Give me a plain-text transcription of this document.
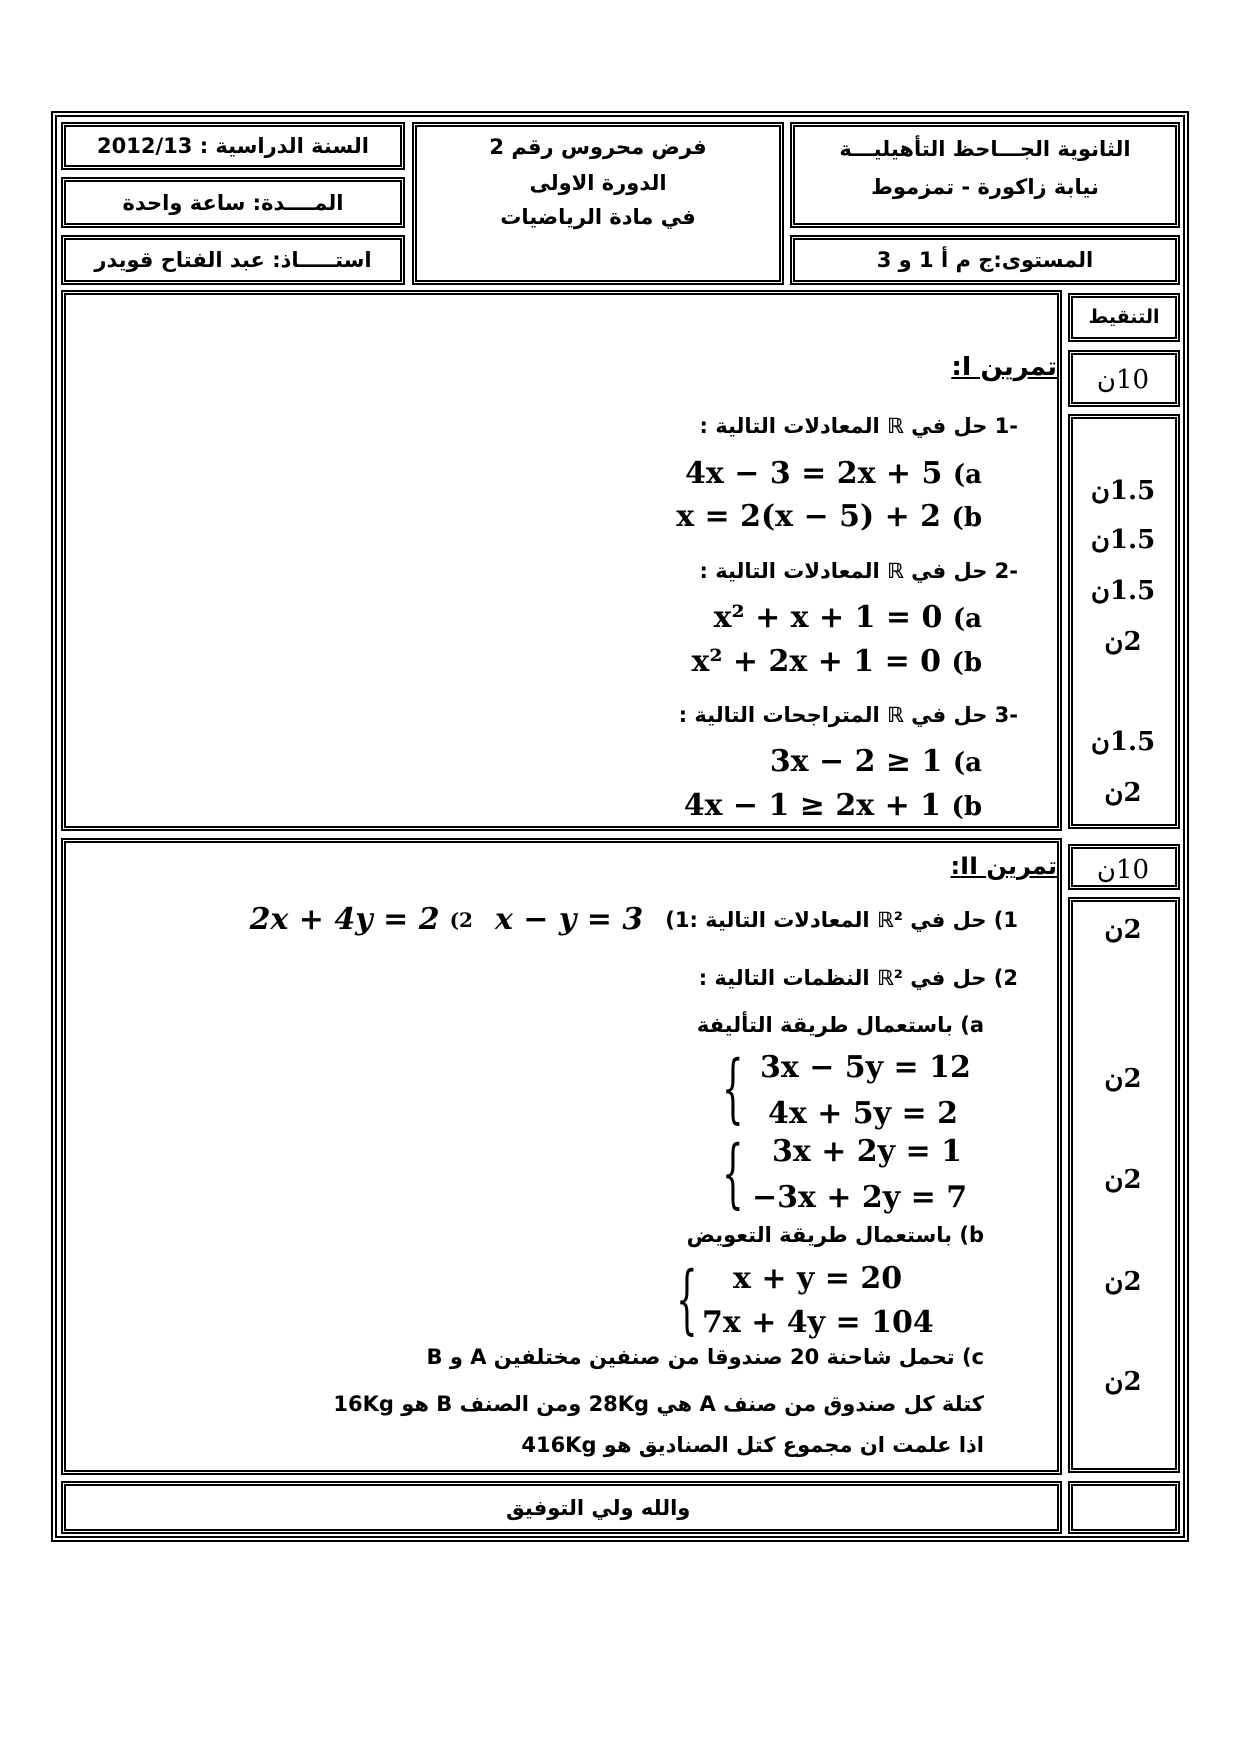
الثانوية الجـــاحظ التأهيليـــة
نيابة زاكورة - تمزموط
المستوى:ج م أ 1 و 3
فرض محروس رقم 2
الدورة الاولى
في مادة الرياضيات
السنة الدراسية : 2012/13
المــــدة: ساعة واحدة
استـــــاذ: عبد الفتاح قويدر
التنقيط
10ن
تمرين I:
-1 حل في ℝ المعادلات التالية :
4x − 3 = 2x + 5 ( a
x = 2(x − 5) + 2 ( b
-2 حل في ℝ المعادلات التالية :
x² + x + 1 = 0 ( a
x² + 2x + 1 = 0 ( b
-3 حل في ℝ المتراجحات التالية :
3x − 2 ≥ 1 ( a
4x − 1 ≥ 2x + 1 ( b
1.5ن
1.5ن
1.5ن
2ن
1.5ن
2ن
10ن
تمرين II:
1) حل في ℝ² المعادلات التالية :1)
x − y = 3
2x + 4y = 2 ( 2
2) حل في ℝ² النظمات التالية :
a) باستعمال طريقة التأليفة
{ 3x − 5y = 12
4x + 5y = 2
{ 3x + 2y = 1
−3x + 2y = 7
b) باستعمال طريقة التعويض
{ x + y = 20
7x + 4y = 104
c) تحمل شاحنة 20 صندوقا من صنفين مختلفين A و B
كتلة كل صندوق من صنف A هي 28Kg ومن الصنف B هو 16Kg
اذا علمت ان مجموع كتل الصناديق هو 416Kg
2ن
2ن
2ن
2ن
2ن
والله ولي التوفيق
